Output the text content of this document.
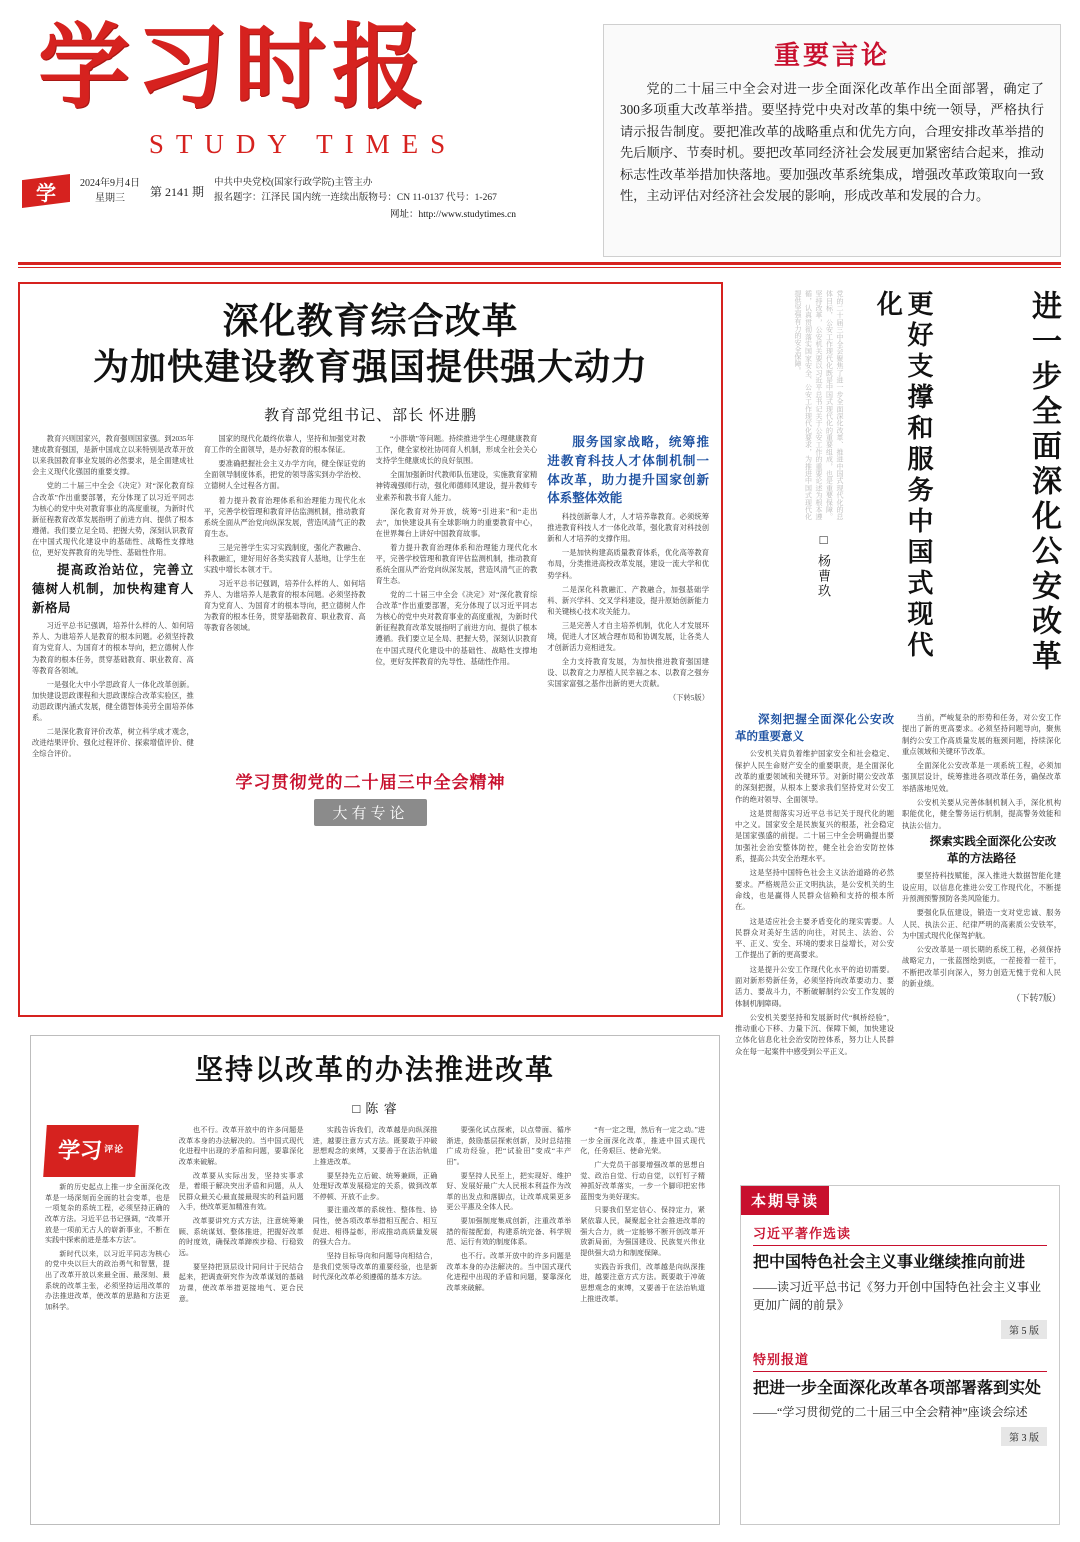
学习时报
STUDY TIMES
学	2024年9月4日
星期三	第 2141 期
中共中央党校(国家行政学院)主管主办
报名题字：江泽民 国内统一连续出版物号：CN 11-0137 代号：1-267
网址：http://www.studytimes.cn
重要言论
党的二十届三中全会对进一步全面深化改革作出全面部署，确定了300多项重大改革举措。要坚持党中央对改革的集中统一领导，严格执行请示报告制度。要把准改革的战略重点和优先方向，合理安排改革举措的先后顺序、节奏时机。要把改革同经济社会发展更加紧密结合起来，推动标志性改革举措加快落地。要加强改革系统集成，增强改革政策取向一致性，主动评估对经济社会发展的影响，形成改革和发展的合力。
深化教育综合改革
为加快建设教育强国提供强大动力
教育部党组书记、部长 怀进鹏

教育兴则国家兴，教育强则国家强。到2035年建成教育强国，是新中国成立以来特别是改革开放以来我国教育事业发展的必然要求，是全面建成社会主义现代化强国的重要支撑。

党的二十届三中全会《决定》对“深化教育综合改革”作出重要部署，充分体现了以习近平同志为核心的党中央对教育事业的高度重视，为新时代新征程教育改革发展指明了前进方向、提供了根本遵循。我们要立足全局、把握大势，深刻认识教育在中国式现代化建设中的基础性、战略性支撑地位，更好发挥教育的先导性、基础性作用。

提高政治站位，完善立德树人机制，加快构建育人新格局

习近平总书记强调，培养什么样的人、如何培养人、为谁培养人是教育的根本问题。必须坚持教育为党育人、为国育才的根本导向，把立德树人作为教育的根本任务，贯穿基础教育、职业教育、高等教育各领域。

一是强化大中小学思政育人一体化改革创新。加快建设思政课程和大思政课综合改革实验区，推动思政课内涵式发展，健全德智体美劳全面培养体系。

二是深化教育评价改革，树立科学成才观念，改进结果评价、强化过程评价、探索增值评价、健全综合评价。

国家的现代化最终依靠人，坚持和加强党对教育工作的全面领导，是办好教育的根本保证。

要准确把握社会主义办学方向，健全保证党的全面领导制度体系，把党的领导落实到办学治校、立德树人全过程各方面。

着力提升教育治理体系和治理能力现代化水平，完善学校管理和教育评估监测机制，推动教育系统全面从严治党向纵深发展，营造风清气正的教育生态。

三是完善学生实习实践制度，强化产教融合、科教融汇，建好用好各类实践育人基地，让学生在实践中增长本领才干。

习近平总书记强调，培养什么样的人、如何培养人、为谁培养人是教育的根本问题。必须坚持教育为党育人、为国育才的根本导向，把立德树人作为教育的根本任务，贯穿基础教育、职业教育、高等教育各领域。

“小胖墩”等问题。持续推进学生心理健康教育工作，健全家校社协同育人机制，形成全社会关心支持学生健康成长的良好氛围。

全面加强新时代教师队伍建设，实施教育家精神铸魂强师行动，强化师德师风建设，提升教师专业素养和教书育人能力。

深化教育对外开放，统筹“引进来”和“走出去”，加快建设具有全球影响力的重要教育中心，在世界舞台上讲好中国教育故事。

着力提升教育治理体系和治理能力现代化水平，完善学校管理和教育评估监测机制，推动教育系统全面从严治党向纵深发展，营造风清气正的教育生态。

党的二十届三中全会《决定》对“深化教育综合改革”作出重要部署，充分体现了以习近平同志为核心的党中央对教育事业的高度重视，为新时代新征程教育改革发展指明了前进方向、提供了根本遵循。我们要立足全局、把握大势，深刻认识教育在中国式现代化建设中的基础性、战略性支撑地位，更好发挥教育的先导性、基础性作用。

服务国家战略，统筹推进教育科技人才体制机制一体改革，助力提升国家创新体系整体效能

科技创新靠人才，人才培养靠教育。必须统筹推进教育科技人才一体化改革，强化教育对科技创新和人才培养的支撑作用。

一是加快构建高质量教育体系，优化高等教育布局，分类推进高校改革发展，建设一流大学和优势学科。

二是深化科教融汇、产教融合，加强基础学科、新兴学科、交叉学科建设，提升原始创新能力和关键核心技术攻关能力。

三是完善人才自主培养机制，优化人才发展环境，促进人才区域合理布局和协调发展，让各类人才创新活力竞相迸发。

全力支持教育发展，为加快推进教育强国建设、以教育之力厚植人民幸福之本、以教育之强夯实国家富强之基作出新的更大贡献。

（下转5版）

学习贯彻党的二十届三中全会精神
大有专论
进一步全面深化公安改革
更好支撑和服务中国式现代化
党的二十届三中全会聚焦了进一步全面深化改革、推进中国式现代化的总体目标，公安工作现代化既是中国式现代化的重要组成，也是重要保障。坚持改革，公安机关要以习近平总书记关于公安工作的重要论述为根本遵循，认真贯彻落实国家安全、公安工作现代化要求，为推进中国式现代化提供坚强有力的安全保障。
□ 杨曹玖

深刻把握全面深化公安改革的重要意义

公安机关肩负着维护国家安全和社会稳定、保护人民生命财产安全的重要职责，是全面深化改革的重要领域和关键环节。对新时期公安改革的深刻把握，从根本上要求我们坚持党对公安工作的绝对领导、全面领导。

这是贯彻落实习近平总书记关于现代化的题中之义。国家安全是民族复兴的根基，社会稳定是国家强盛的前提。二十届三中全会明确提出要加强社会治安整体防控，健全社会治安防控体系，提高公共安全治理水平。

这是坚持中国特色社会主义法治道路的必然要求。严格规范公正文明执法，是公安机关的生命线，也是赢得人民群众信赖和支持的根本所在。

这是适应社会主要矛盾变化的现实需要。人民群众对美好生活的向往，对民主、法治、公平、正义、安全、环境的要求日益增长，对公安工作提出了新的更高要求。

这是提升公安工作现代化水平的迫切需要。面对新形势新任务，必须坚持向改革要动力、要活力、要战斗力，不断破解制约公安工作发展的体制机制障碍。

公安机关要坚持和发展新时代“枫桥经验”，推动重心下移、力量下沉、保障下倾，加快建设立体化信息化社会治安防控体系，努力让人民群众在每一起案件中感受到公平正义。

当前，严峻复杂的形势和任务，对公安工作提出了新的更高要求。必须坚持问题导向，聚焦制约公安工作高质量发展的瓶颈问题，持续深化重点领域和关键环节改革。

全面深化公安改革是一项系统工程，必须加强顶层设计，统筹推进各项改革任务，确保改革举措落地见效。

公安机关要从完善体制机制入手，深化机构职能优化，健全警务运行机制，提高警务效能和执法公信力。

探索实践全面深化公安改革的方法路径

要坚持科技赋能，深入推进大数据智能化建设应用，以信息化推进公安工作现代化，不断提升预测预警预防各类风险能力。

要强化队伍建设，锻造一支对党忠诚、服务人民、执法公正、纪律严明的高素质公安铁军，为中国式现代化保驾护航。

公安改革是一项长期的系统工程，必须保持战略定力，一张蓝图绘到底，一茬接着一茬干，不断把改革引向深入，努力创造无愧于党和人民的新业绩。

（下转7版）

坚持以改革的办法推进改革
□ 陈 睿
学习 评论

新的历史起点上推一步全面深化改革是一场深刻而全面的社会变革，也是一项复杂的系统工程，必须坚持正确的改革方法。习近平总书记强调，“改革开放是一项前无古人的崭新事业，不断在实践中探索前进是基本方法”。

新时代以来，以习近平同志为核心的党中央以巨大的政治勇气和智慧，提出了改革开放以来最全面、最深刻、最系统的改革主张，必须坚持运用改革的办法推进改革，使改革的思路和方法更加科学。

也不行。改革开放中的许多问题是改革本身的办法解决的。当中国式现代化进程中出现的矛盾和问题，要靠深化改革来破解。

改革要从实际出发，坚持实事求是，着眼于解决突出矛盾和问题，从人民群众最关心最直接最现实的利益问题入手，使改革更加精准有效。

改革要讲究方式方法，注意统筹兼顾、系统谋划、整体推进，把握好改革的时度效，确保改革蹄疾步稳、行稳致远。

要坚持把顶层设计同问计于民结合起来，把调查研究作为改革谋划的基础功课，使改革举措更接地气、更合民意。

实践告诉我们，改革越是向纵深推进，越要注意方式方法。既要敢于冲破思想观念的束缚，又要善于在法治轨道上推进改革。

要坚持先立后破、统筹兼顾，正确处理好改革发展稳定的关系，做到改革不停顿、开放不止步。

要注重改革的系统性、整体性、协同性，使各项改革举措相互配合、相互促进、相得益彰，形成推动高质量发展的强大合力。

坚持目标导向和问题导向相结合，是我们党领导改革的重要经验，也是新时代深化改革必须遵循的基本方法。

要强化试点探索，以点带面、循序渐进，鼓励基层探索创新，及时总结推广成功经验，把“试验田”变成“丰产田”。

要坚持人民至上，把实现好、维护好、发展好最广大人民根本利益作为改革的出发点和落脚点，让改革成果更多更公平惠及全体人民。

要加强制度集成创新，注重改革举措的衔接配套，构建系统完备、科学规范、运行有效的制度体系。

也不行。改革开放中的许多问题是改革本身的办法解决的。当中国式现代化进程中出现的矛盾和问题，要靠深化改革来破解。

“有一定之理，然后有一定之动。”进一步全面深化改革，推进中国式现代化，任务艰巨、使命光荣。

广大党员干部要增强改革的思想自觉、政治自觉、行动自觉，以钉钉子精神抓好改革落实，一步一个脚印把宏伟蓝图变为美好现实。

只要我们坚定信心、保持定力，紧紧依靠人民，凝聚起全社会推进改革的强大合力，就一定能够不断开创改革开放新局面，为强国建设、民族复兴伟业提供强大动力和制度保障。

实践告诉我们，改革越是向纵深推进，越要注意方式方法。既要敢于冲破思想观念的束缚，又要善于在法治轨道上推进改革。

本期导读
习近平著作选读
把中国特色社会主义事业继续推向前进
——读习近平总书记《努力开创中国特色社会主义事业更加广阔的前景》
第 5 版
特别报道
把进一步全面深化改革各项部署落到实处
——“学习贯彻党的二十届三中全会精神”座谈会综述
第 3 版
